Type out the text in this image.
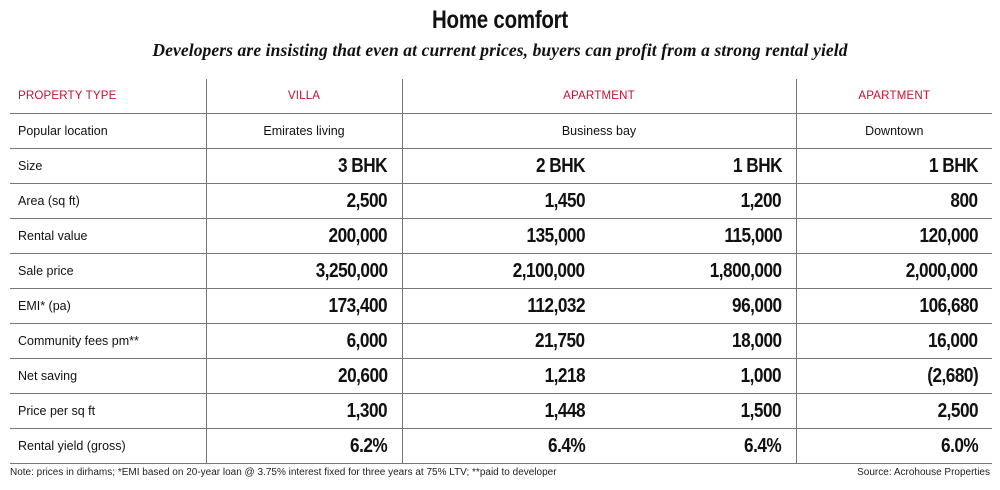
Home comfort
Developers are insisting that even at current prices, buyers can profit from a strong rental yield
PROPERTY TYPE	VILLA	APARTMENT		APARTMENT
Popular location	Emirates living	Business bay		Downtown
Size	3 BHK	2 BHK	1 BHK	1 BHK
Area (sq ft)	2,500	1,450	1,200	800
Rental value	200,000	135,000	115,000	120,000
Sale price	3,250,000	2,100,000	1,800,000	2,000,000
EMI* (pa)	173,400	112,032	96,000	106,680
Community fees pm**	6,000	21,750	18,000	16,000
Net saving	20,600	1,218	1,000	(2,680)
Price per sq ft	1,300	1,448	1,500	2,500
Rental yield (gross)	6.2%	6.4%	6.4%	6.0%
Note: prices in dirhams; *EMI based on 20-year loan @ 3.75% interest fixed for three years at 75% LTV; **paid to developer	Source: Acrohouse Properties
